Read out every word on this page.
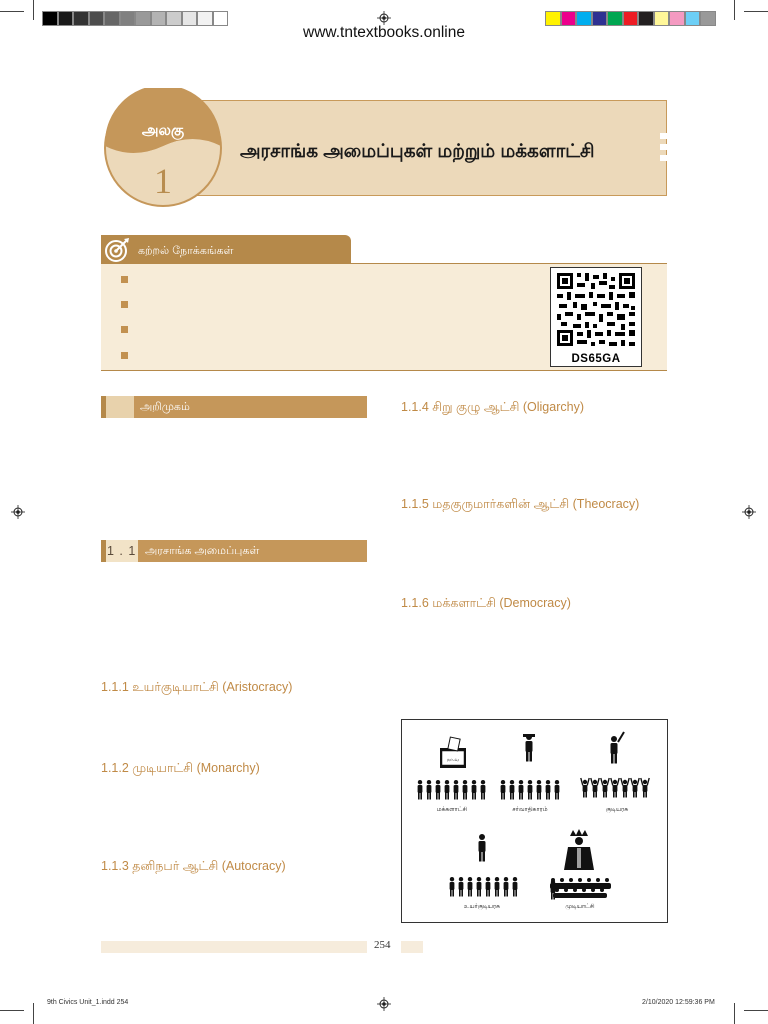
www.tntextbooks.online
அலகு
1
அரசாங்க அமைப்புகள் மற்றும் மக்களாட்சி
கற்றல் நோக்கங்கள்
DS65GA
அறிமுகம்
1 . 1 அரசாங்க அமைப்புகள்
1.1.1 உயர்குடியாட்சி (Aristocracy)
1.1.2 முடியாட்சி (Monarchy)
1.1.3 தனிநபர் ஆட்சி (Autocracy)
1.1.4 சிறு குழு ஆட்சி (Oligarchy)
1.1.5 மதகுருமார்களின் ஆட்சி (Theocracy)
1.1.6 மக்களாட்சி (Democracy)
நா.வ
மக்களாட்சி	சர்வாதிகாரம்	குடியரசு
உயர்குடியரசு	முடியாட்சி
254
9th Civics Unit_1.indd 254	2/10/2020 12:59:36 PM
